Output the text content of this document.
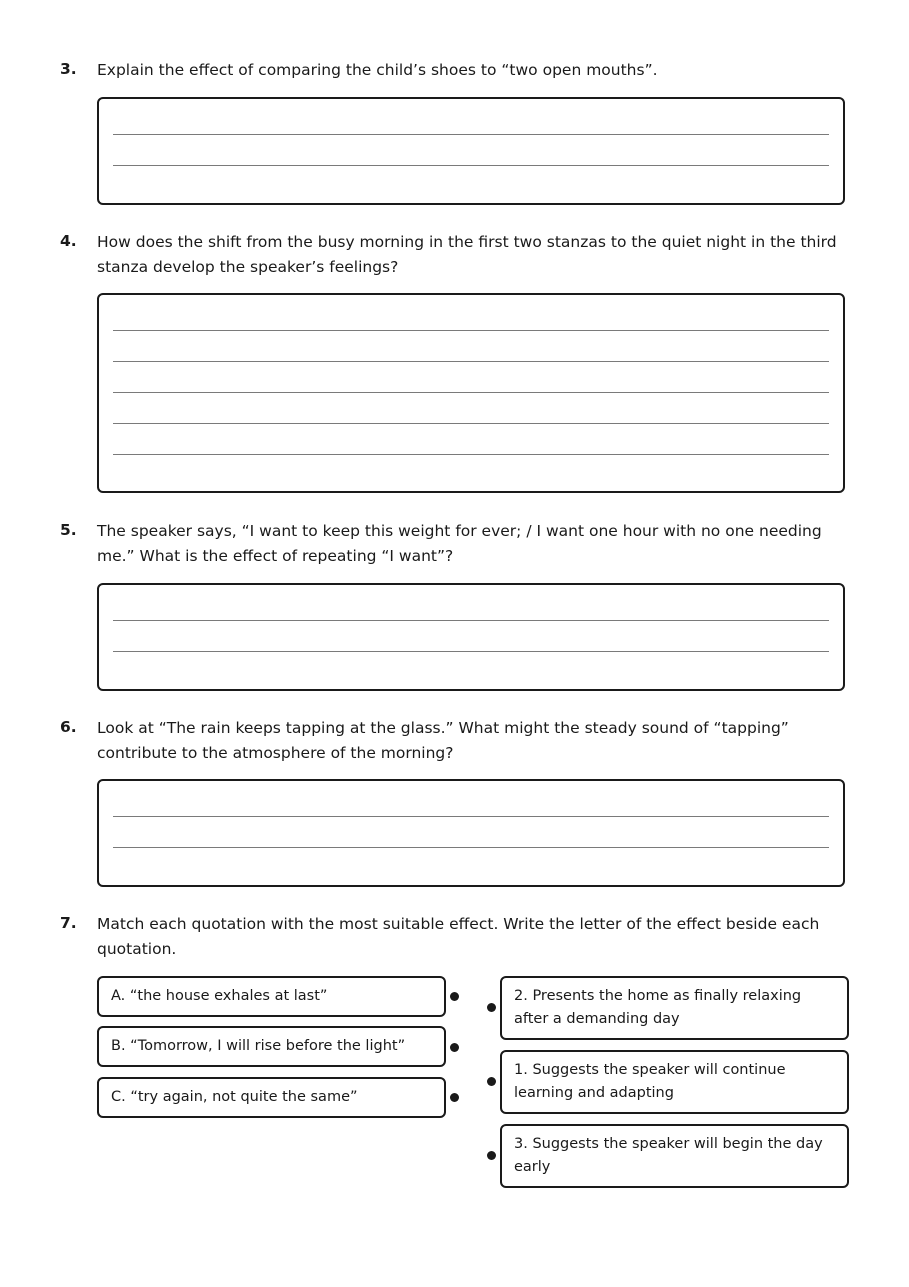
3. Explain the effect of comparing the child’s shoes to “two open mouths”.
4. How does the shift from the busy morning in the first two stanzas to the quiet night in the third stanza develop the speaker’s feelings?
5. The speaker says, “I want to keep this weight for ever; / I want one hour with no one needing me.” What is the effect of repeating “I want”?
6. Look at “The rain keeps tapping at the glass.” What might the steady sound of “tapping” contribute to the atmosphere of the morning?
7. Match each quotation with the most suitable effect. Write the letter of the effect beside each quotation.
A. “the house exhales at last”
B. “Tomorrow, I will rise before the light”
C. “try again, not quite the same”
2. Presents the home as finally relaxing after a demanding day
1. Suggests the speaker will continue learning and adapting
3. Suggests the speaker will begin the day early
